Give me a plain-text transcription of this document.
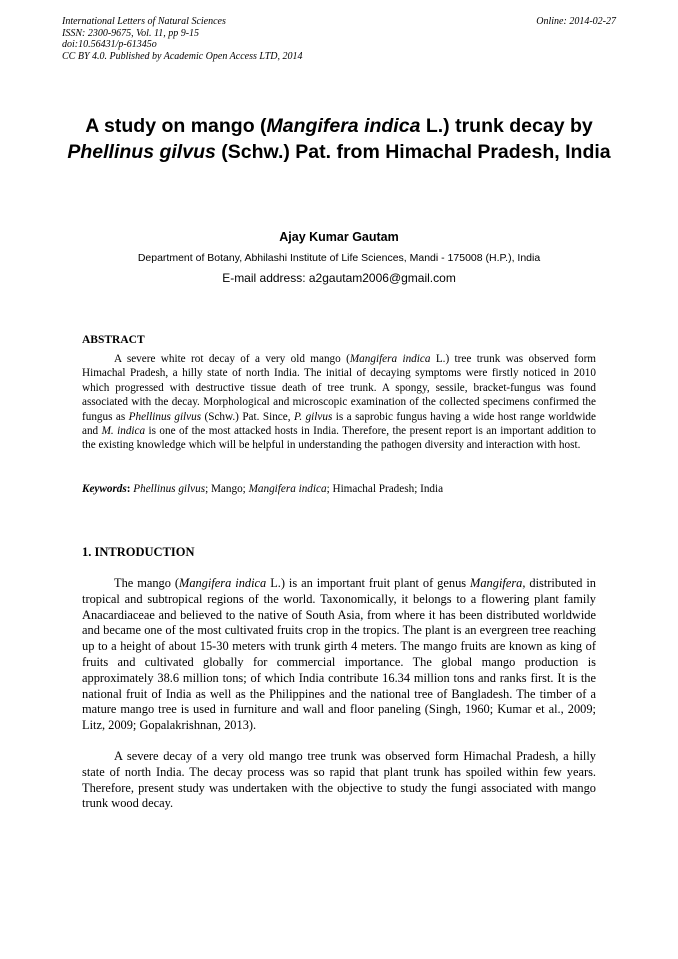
International Letters of Natural Sciences
ISSN: 2300-9675, Vol. 11, pp 9-15
doi:10.56431/p-61345o
CC BY 4.0. Published by Academic Open Access LTD, 2014
Online: 2014-02-27
A study on mango (Mangifera indica L.) trunk decay by Phellinus gilvus (Schw.) Pat. from Himachal Pradesh, India
Ajay Kumar Gautam
Department of Botany, Abhilashi Institute of Life Sciences, Mandi - 175008 (H.P.), India
E-mail address: a2gautam2006@gmail.com
ABSTRACT

A severe white rot decay of a very old mango (Mangifera indica L.) tree trunk was observed form Himachal Pradesh, a hilly state of north India. The initial of decaying symptoms were firstly noticed in 2010 which progressed with destructive tissue death of tree trunk. A spongy, sessile, bracket-fungus was found associated with the decay. Morphological and microscopic examination of the collected specimens confirmed the fungus as Phellinus gilvus (Schw.) Pat. Since, P. gilvus is a saprobic fungus having a wide host range worldwide and M. indica is one of the most attacked hosts in India. Therefore, the present report is an important addition to the existing knowledge which will be helpful in understanding the pathogen diversity and interaction with host.

Keywords: Phellinus gilvus; Mango; Mangifera indica; Himachal Pradesh; India

1. INTRODUCTION

The mango (Mangifera indica L.) is an important fruit plant of genus Mangifera, distributed in tropical and subtropical regions of the world. Taxonomically, it belongs to a flowering plant family Anacardiaceae and believed to the native of South Asia, from where it has been distributed worldwide and became one of the most cultivated fruits crop in the tropics. The plant is an evergreen tree reaching up to a height of about 15-30 meters with trunk girth 4 meters. The mango fruits are known as king of fruits and cultivated globally for commercial importance. The global mango production is approximately 38.6 million tons; of which India contribute 16.34 million tons and ranks first. It is the national fruit of India as well as the Philippines and the national tree of Bangladesh. The timber of a mature mango tree is used in furniture and wall and floor paneling (Singh, 1960; Kumar et al., 2009; Litz, 2009; Gopalakrishnan, 2013).

A severe decay of a very old mango tree trunk was observed form Himachal Pradesh, a hilly state of north India. The decay process was so rapid that plant trunk has spoiled within few years. Therefore, present study was undertaken with the objective to study the fungi associated with mango trunk wood decay.
